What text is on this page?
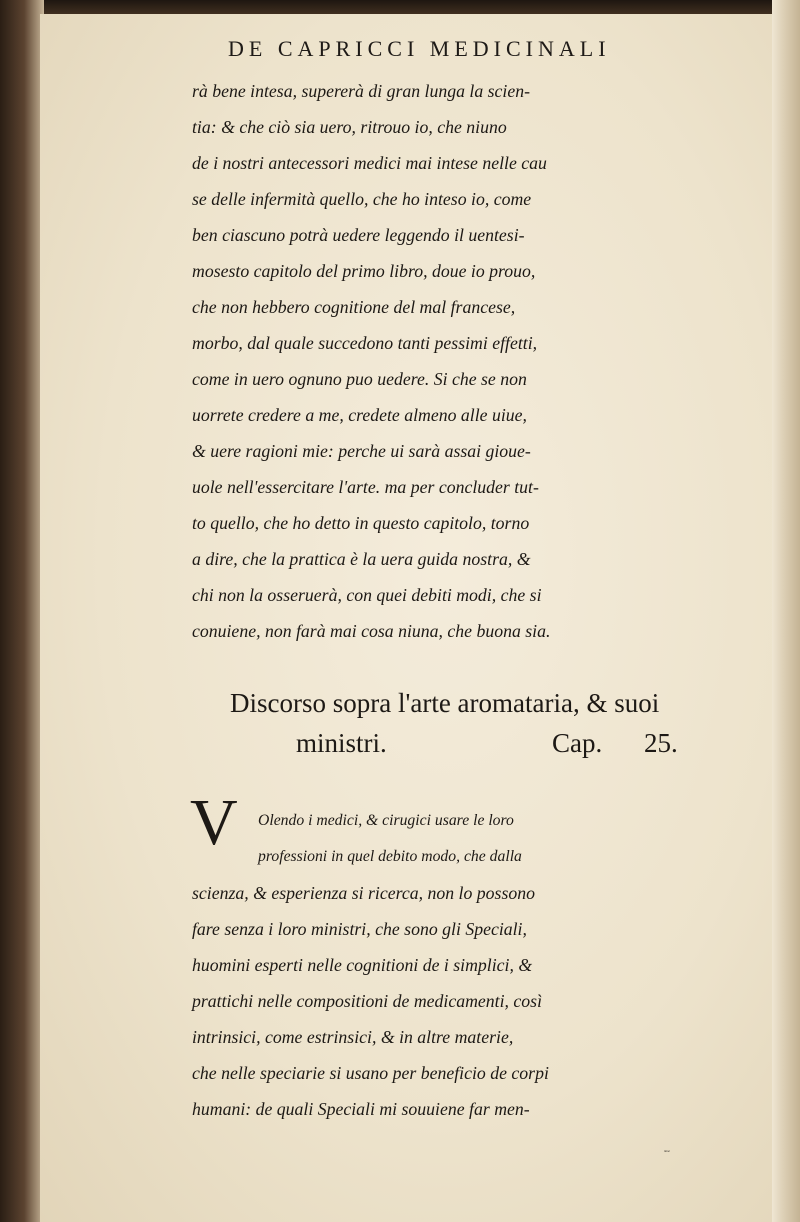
DE CAPRICCI MEDICINALI
rà bene intesa, supererà di gran lunga la scien-
tia: & che ciò sia uero, ritrouo io, che niuno
de i nostri antecessori medici mai intese nelle cau
se delle infermità quello, che ho inteso io, come
ben ciascuno potrà uedere leggendo il uentesi-
mosesto capitolo del primo libro, doue io prouo,
che non hebbero cognitione del mal francese,
morbo, dal quale succedono tanti pessimi effetti,
come in uero ognuno puo uedere. Si che se non
uorrete credere a me, credete almeno alle uiue,
& uere ragioni mie: perche ui sarà assai gioue-
uole nell'essercitare l'arte. ma per concluder tut-
to quello, che ho detto in questo capitolo, torno
a dire, che la prattica è la uera guida nostra, &
chi non la osseruerà, con quei debiti modi, che si
conuiene, non farà mai cosa niuna, che buona sia.
Discorso sopra l'arte aromataria, & suoi
ministri.	Cap. 25.
V	Olendo i medici, & cirugici usare le loro
professioni in quel debito modo, che dalla
scienza, & esperienza si ricerca, non lo possono
fare senza i loro ministri, che sono gli Speciali,
huomini esperti nelle cognitioni de i simplici, &
prattichi nelle compositioni de medicamenti, così
intrinsici, come estrinsici, & in altre materie,
che nelle speciarie si usano per beneficio de corpi
humani: de quali Speciali mi souuiene far men-
tione
